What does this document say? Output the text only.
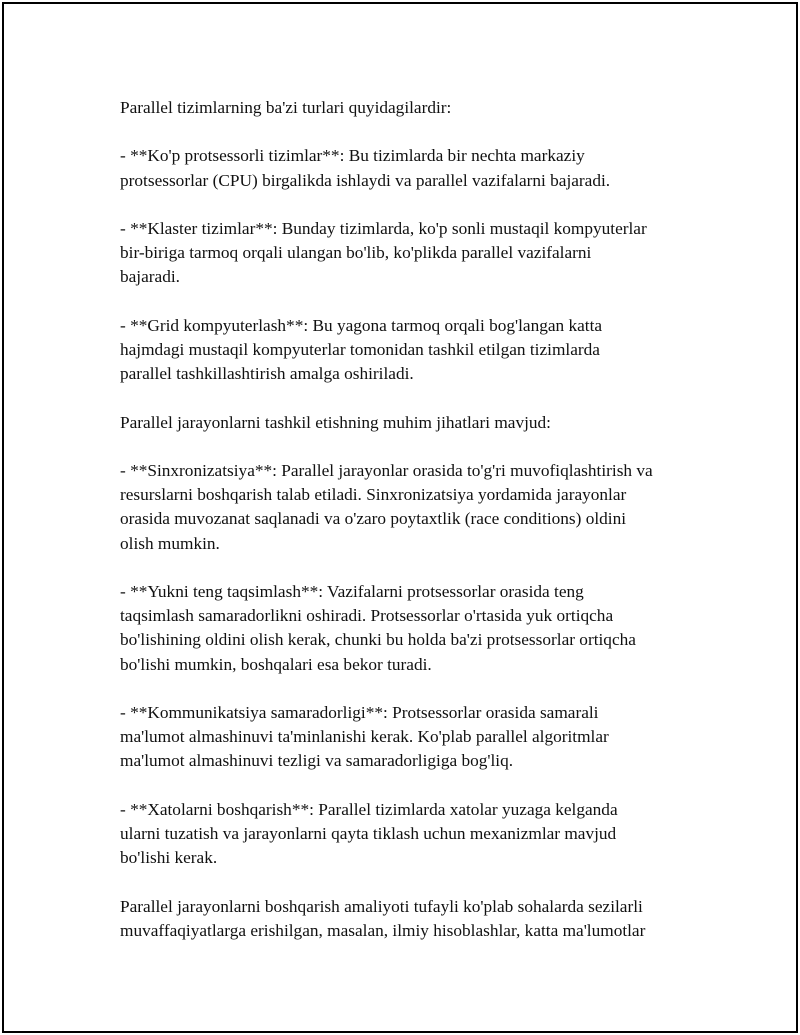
Parallel tizimlarning ba'zi turlari quyidagilardir:
- **Ko'p protsessorli tizimlar**: Bu tizimlarda bir nechta markaziy
protsessorlar (CPU) birgalikda ishlaydi va parallel vazifalarni bajaradi.
- **Klaster tizimlar**: Bunday tizimlarda, ko'p sonli mustaqil kompyuterlar
bir-biriga tarmoq orqali ulangan bo'lib, ko'plikda parallel vazifalarni
bajaradi.
- **Grid kompyuterlash**: Bu yagona tarmoq orqali bog'langan katta
hajmdagi mustaqil kompyuterlar tomonidan tashkil etilgan tizimlarda
parallel tashkillashtirish amalga oshiriladi.
Parallel jarayonlarni tashkil etishning muhim jihatlari mavjud:
- **Sinxronizatsiya**: Parallel jarayonlar orasida to'g'ri muvofiqlashtirish va
resurslarni boshqarish talab etiladi. Sinxronizatsiya yordamida jarayonlar
orasida muvozanat saqlanadi va o'zaro poytaxtlik (race conditions) oldini
olish mumkin.
- **Yukni teng taqsimlash**: Vazifalarni protsessorlar orasida teng
taqsimlash samaradorlikni oshiradi. Protsessorlar o'rtasida yuk ortiqcha
bo'lishining oldini olish kerak, chunki bu holda ba'zi protsessorlar ortiqcha
bo'lishi mumkin, boshqalari esa bekor turadi.
- **Kommunikatsiya samaradorligi**: Protsessorlar orasida samarali
ma'lumot almashinuvi ta'minlanishi kerak. Ko'plab parallel algoritmlar
ma'lumot almashinuvi tezligi va samaradorligiga bog'liq.
- **Xatolarni boshqarish**: Parallel tizimlarda xatolar yuzaga kelganda
ularni tuzatish va jarayonlarni qayta tiklash uchun mexanizmlar mavjud
bo'lishi kerak.
Parallel jarayonlarni boshqarish amaliyoti tufayli ko'plab sohalarda sezilarli
muvaffaqiyatlarga erishilgan, masalan, ilmiy hisoblashlar, katta ma'lumotlar
